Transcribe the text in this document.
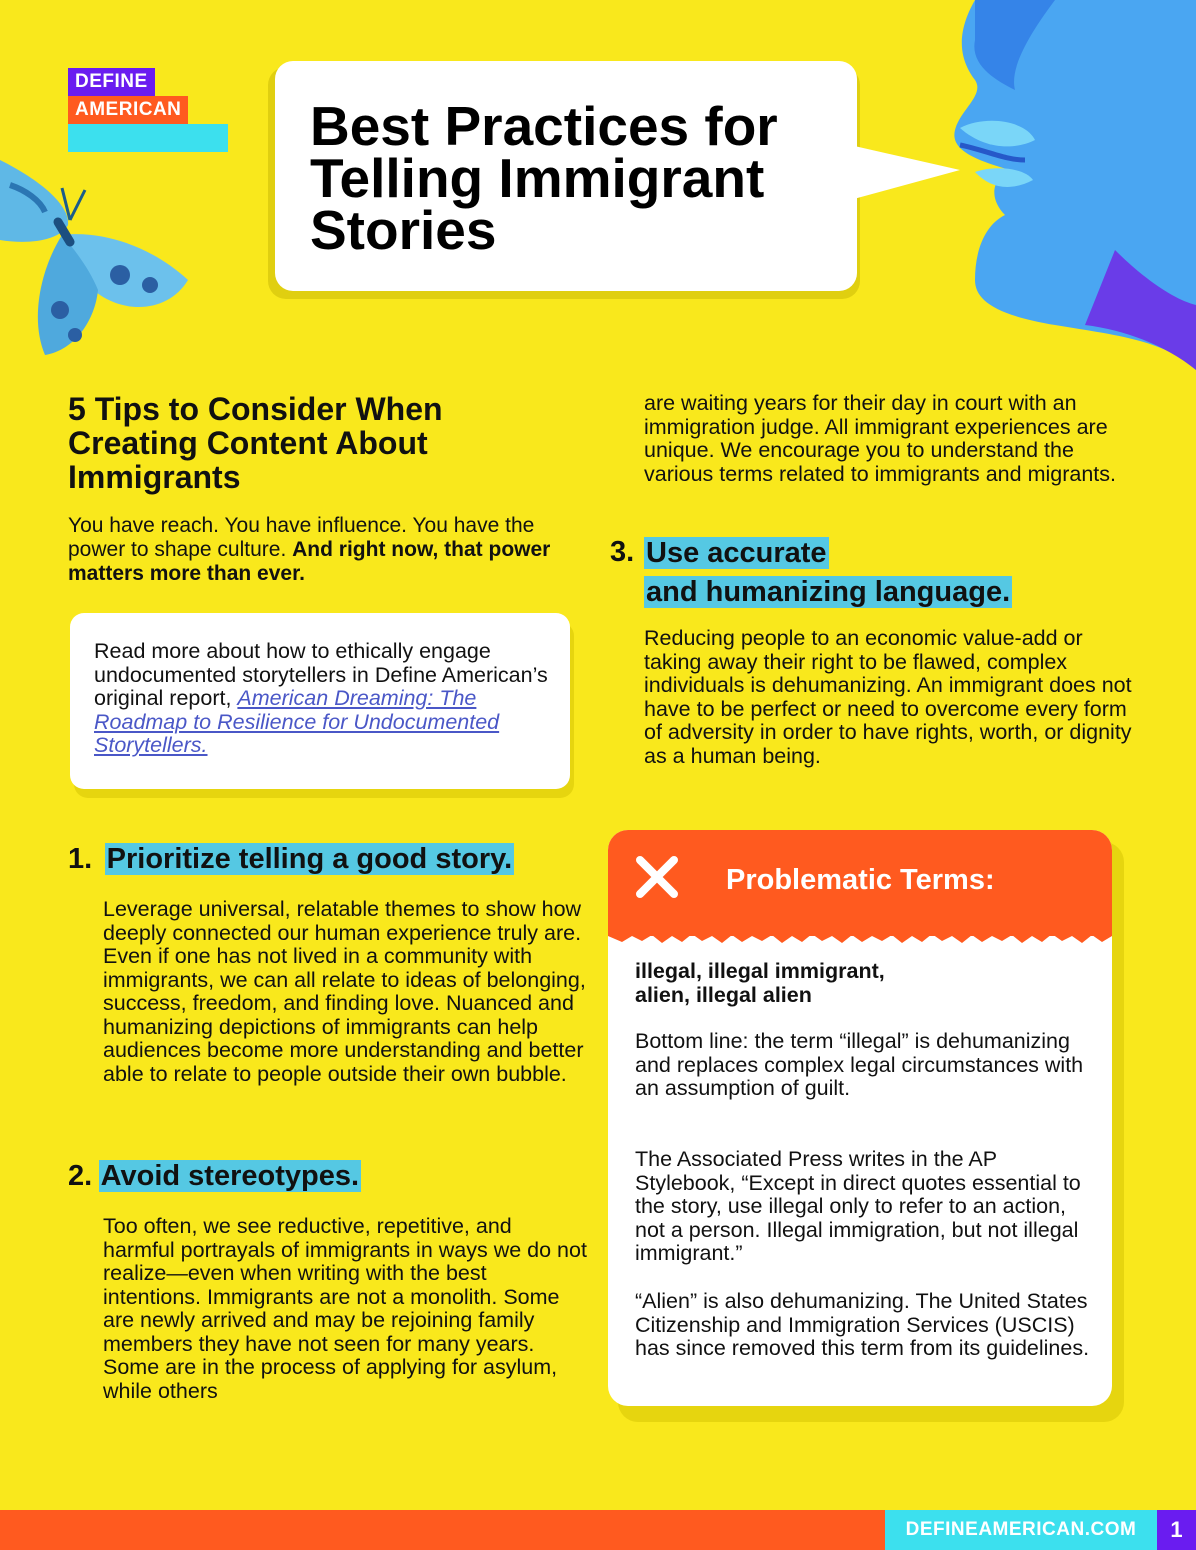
DEFINE
AMERICAN Best Practices for Telling Immigrant Stories
5 Tips to Consider When Creating Content About Immigrants

You have reach. You have influence. You have the power to shape culture. And right now, that power matters more than ever.

Read more about how to ethically engage undocumented storytellers in Define American’s original report, American Dreaming: The Roadmap to Resilience for Undocumented Storytellers.

1. Prioritize telling a good story.

Leverage universal, relatable themes to show how deeply connected our human experience truly are. Even if one has not lived in a community with immigrants, we can all relate to ideas of belonging, success, freedom, and finding love. Nuanced and humanizing depictions of immigrants can help audiences become more understanding and better able to relate to people outside their own bubble.

2. Avoid stereotypes.

Too often, we see reductive, repetitive, and harmful portrayals of immigrants in ways we do not realize—even when writing with the best intentions. Immigrants are not a monolith. Some are newly arrived and may be rejoining family members they have not seen for many years. Some are in the process of applying for asylum, while others

are waiting years for their day in court with an immigration judge. All immigrant experiences are unique. We encourage you to understand the various terms related to immigrants and migrants.

3. Use accurate
and humanizing language.

Reducing people to an economic value-add or taking away their right to be flawed, complex individuals is dehumanizing. An immigrant does not have to be perfect or need to overcome every form of adversity in order to have rights, worth, or dignity as a human being.

Problematic Terms:

illegal, illegal immigrant, alien, illegal alien

Bottom line: the term “illegal” is dehumanizing and replaces complex legal circumstances with an assumption of guilt.

The Associated Press writes in the AP Stylebook, “Except in direct quotes essential to the story, use illegal only to refer to an action, not a person. Illegal immigration, but not illegal immigrant.”

“Alien” is also dehumanizing. The United States Citizenship and Immigration Services (USCIS) has since removed this term from its guidelines.

DEFINEAMERICAN.COM	1
